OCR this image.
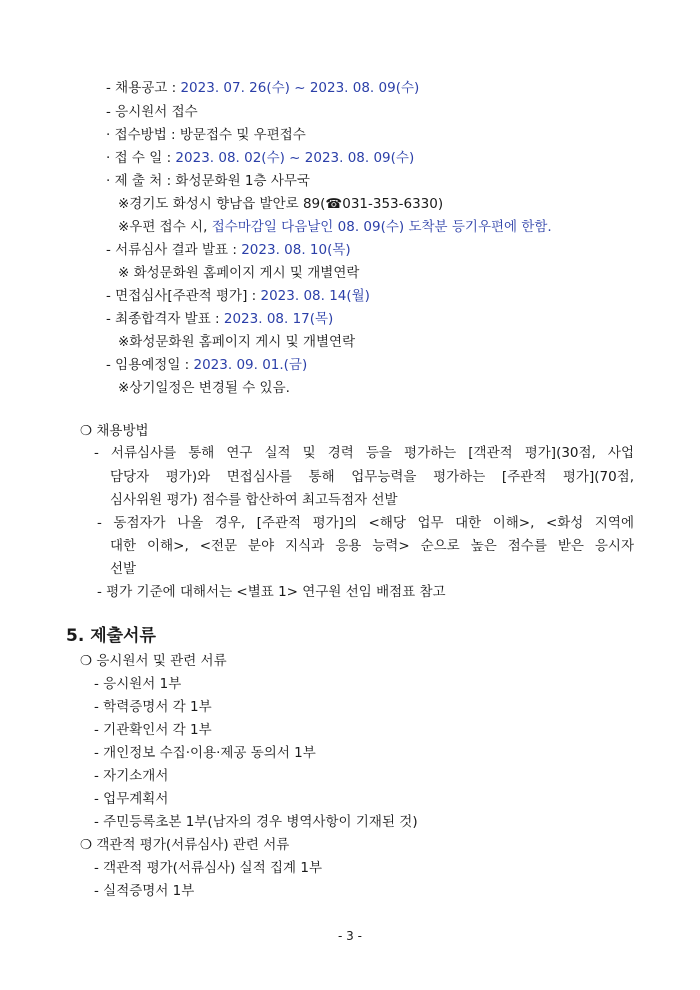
- 채용공고 : 2023. 07. 26(수) ~ 2023. 08. 09(수)
- 응시원서 접수
· 접수방법 : 방문접수 및 우편접수
· 접 수 일 : 2023. 08. 02(수) ~ 2023. 08. 09(수)
· 제 출 처 : 화성문화원 1층 사무국
※경기도 화성시 향남읍 발안로 89(☎031-353-6330)
※우편 접수 시, 접수마감일 다음날인 08. 09(수) 도착분 등기우편에 한함.
- 서류심사 결과 발표 : 2023. 08. 10(목)
※ 화성문화원 홈페이지 게시 및 개별연락
- 면접심사[주관적 평가] : 2023. 08. 14(월)
- 최종합격자 발표 : 2023. 08. 17(목)
※화성문화원 홈페이지 게시 및 개별연락
- 임용예정일 : 2023. 09. 01.(금)
※상기일정은 변경될 수 있음.
❍ 채용방법
- 서류심사를 통해 연구 실적 및 경력 등을 평가하는 [객관적 평가](30점, 사업
담당자 평가)와 면접심사를 통해 업무능력을 평가하는 [주관적 평가](70점,
심사위원 평가) 점수를 합산하여 최고득점자 선발
- 동점자가 나올 경우, [주관적 평가]의 <해당 업무 대한 이해>, <화성 지역에
대한 이해>, <전문 분야 지식과 응용 능력> 순으로 높은 점수를 받은 응시자
선발
- 평가 기준에 대해서는 <별표 1> 연구원 선임 배점표 참고
5. 제출서류
❍ 응시원서 및 관련 서류
- 응시원서 1부
- 학력증명서 각 1부
- 기관확인서 각 1부
- 개인정보 수집·이용·제공 동의서 1부
- 자기소개서
- 업무계획서
- 주민등록초본 1부(남자의 경우 병역사항이 기재된 것)
❍ 객관적 평가(서류심사) 관련 서류
- 객관적 평가(서류심사) 실적 집계 1부
- 실적증명서 1부
- 3 -
